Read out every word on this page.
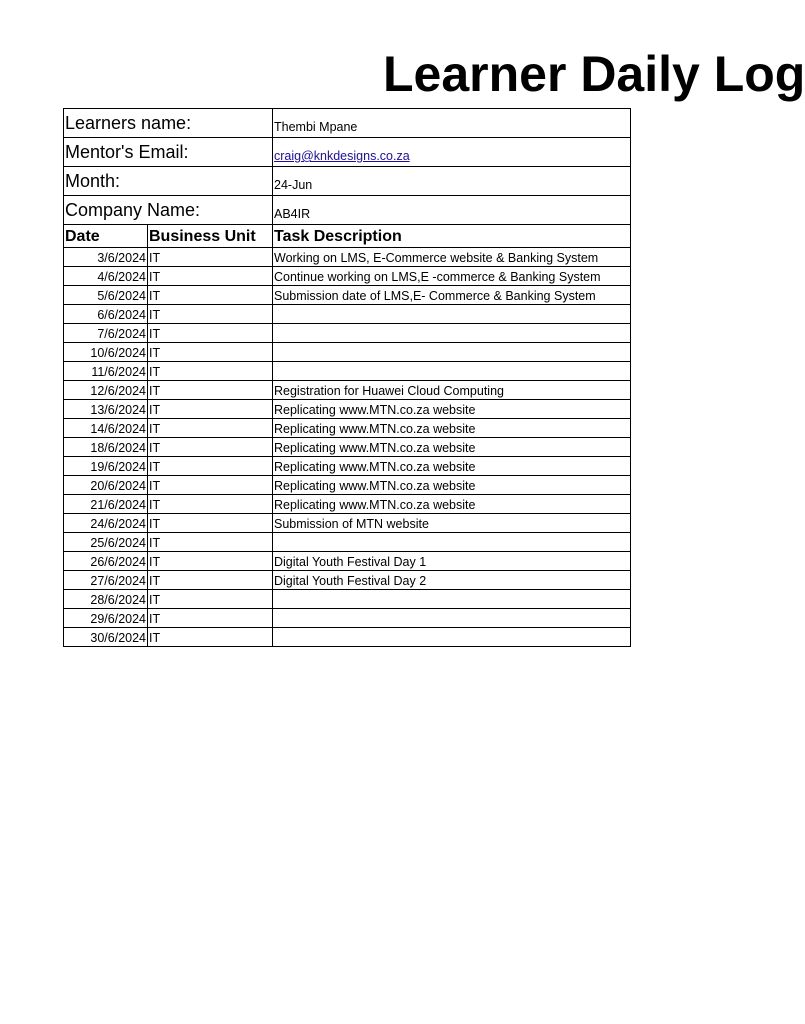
Learner Daily Log
Learners name:		Thembi Mpane

Mentor's Email:		craig@knkdesigns.co.za

Month:		24-Jun

Company Name:		AB4IR
Date	Business Unit	Task Description
3/6/2024	IT	Working on LMS, E-Commerce website & Banking System
4/6/2024	IT	Continue working on LMS,E -commerce & Banking System
5/6/2024	IT	Submission date of LMS,E- Commerce & Banking System
6/6/2024	IT	
7/6/2024	IT	
10/6/2024	IT	
11/6/2024	IT	
12/6/2024	IT	Registration for Huawei Cloud Computing
13/6/2024	IT	Replicating www.MTN.co.za website
14/6/2024	IT	Replicating www.MTN.co.za website
18/6/2024	IT	Replicating www.MTN.co.za website
19/6/2024	IT	Replicating www.MTN.co.za website
20/6/2024	IT	Replicating www.MTN.co.za website
21/6/2024	IT	Replicating www.MTN.co.za website
24/6/2024	IT	Submission of MTN website
25/6/2024	IT	
26/6/2024	IT	Digital Youth Festival Day 1
27/6/2024	IT	Digital Youth Festival Day 2
28/6/2024	IT	
29/6/2024	IT	
30/6/2024	IT	
